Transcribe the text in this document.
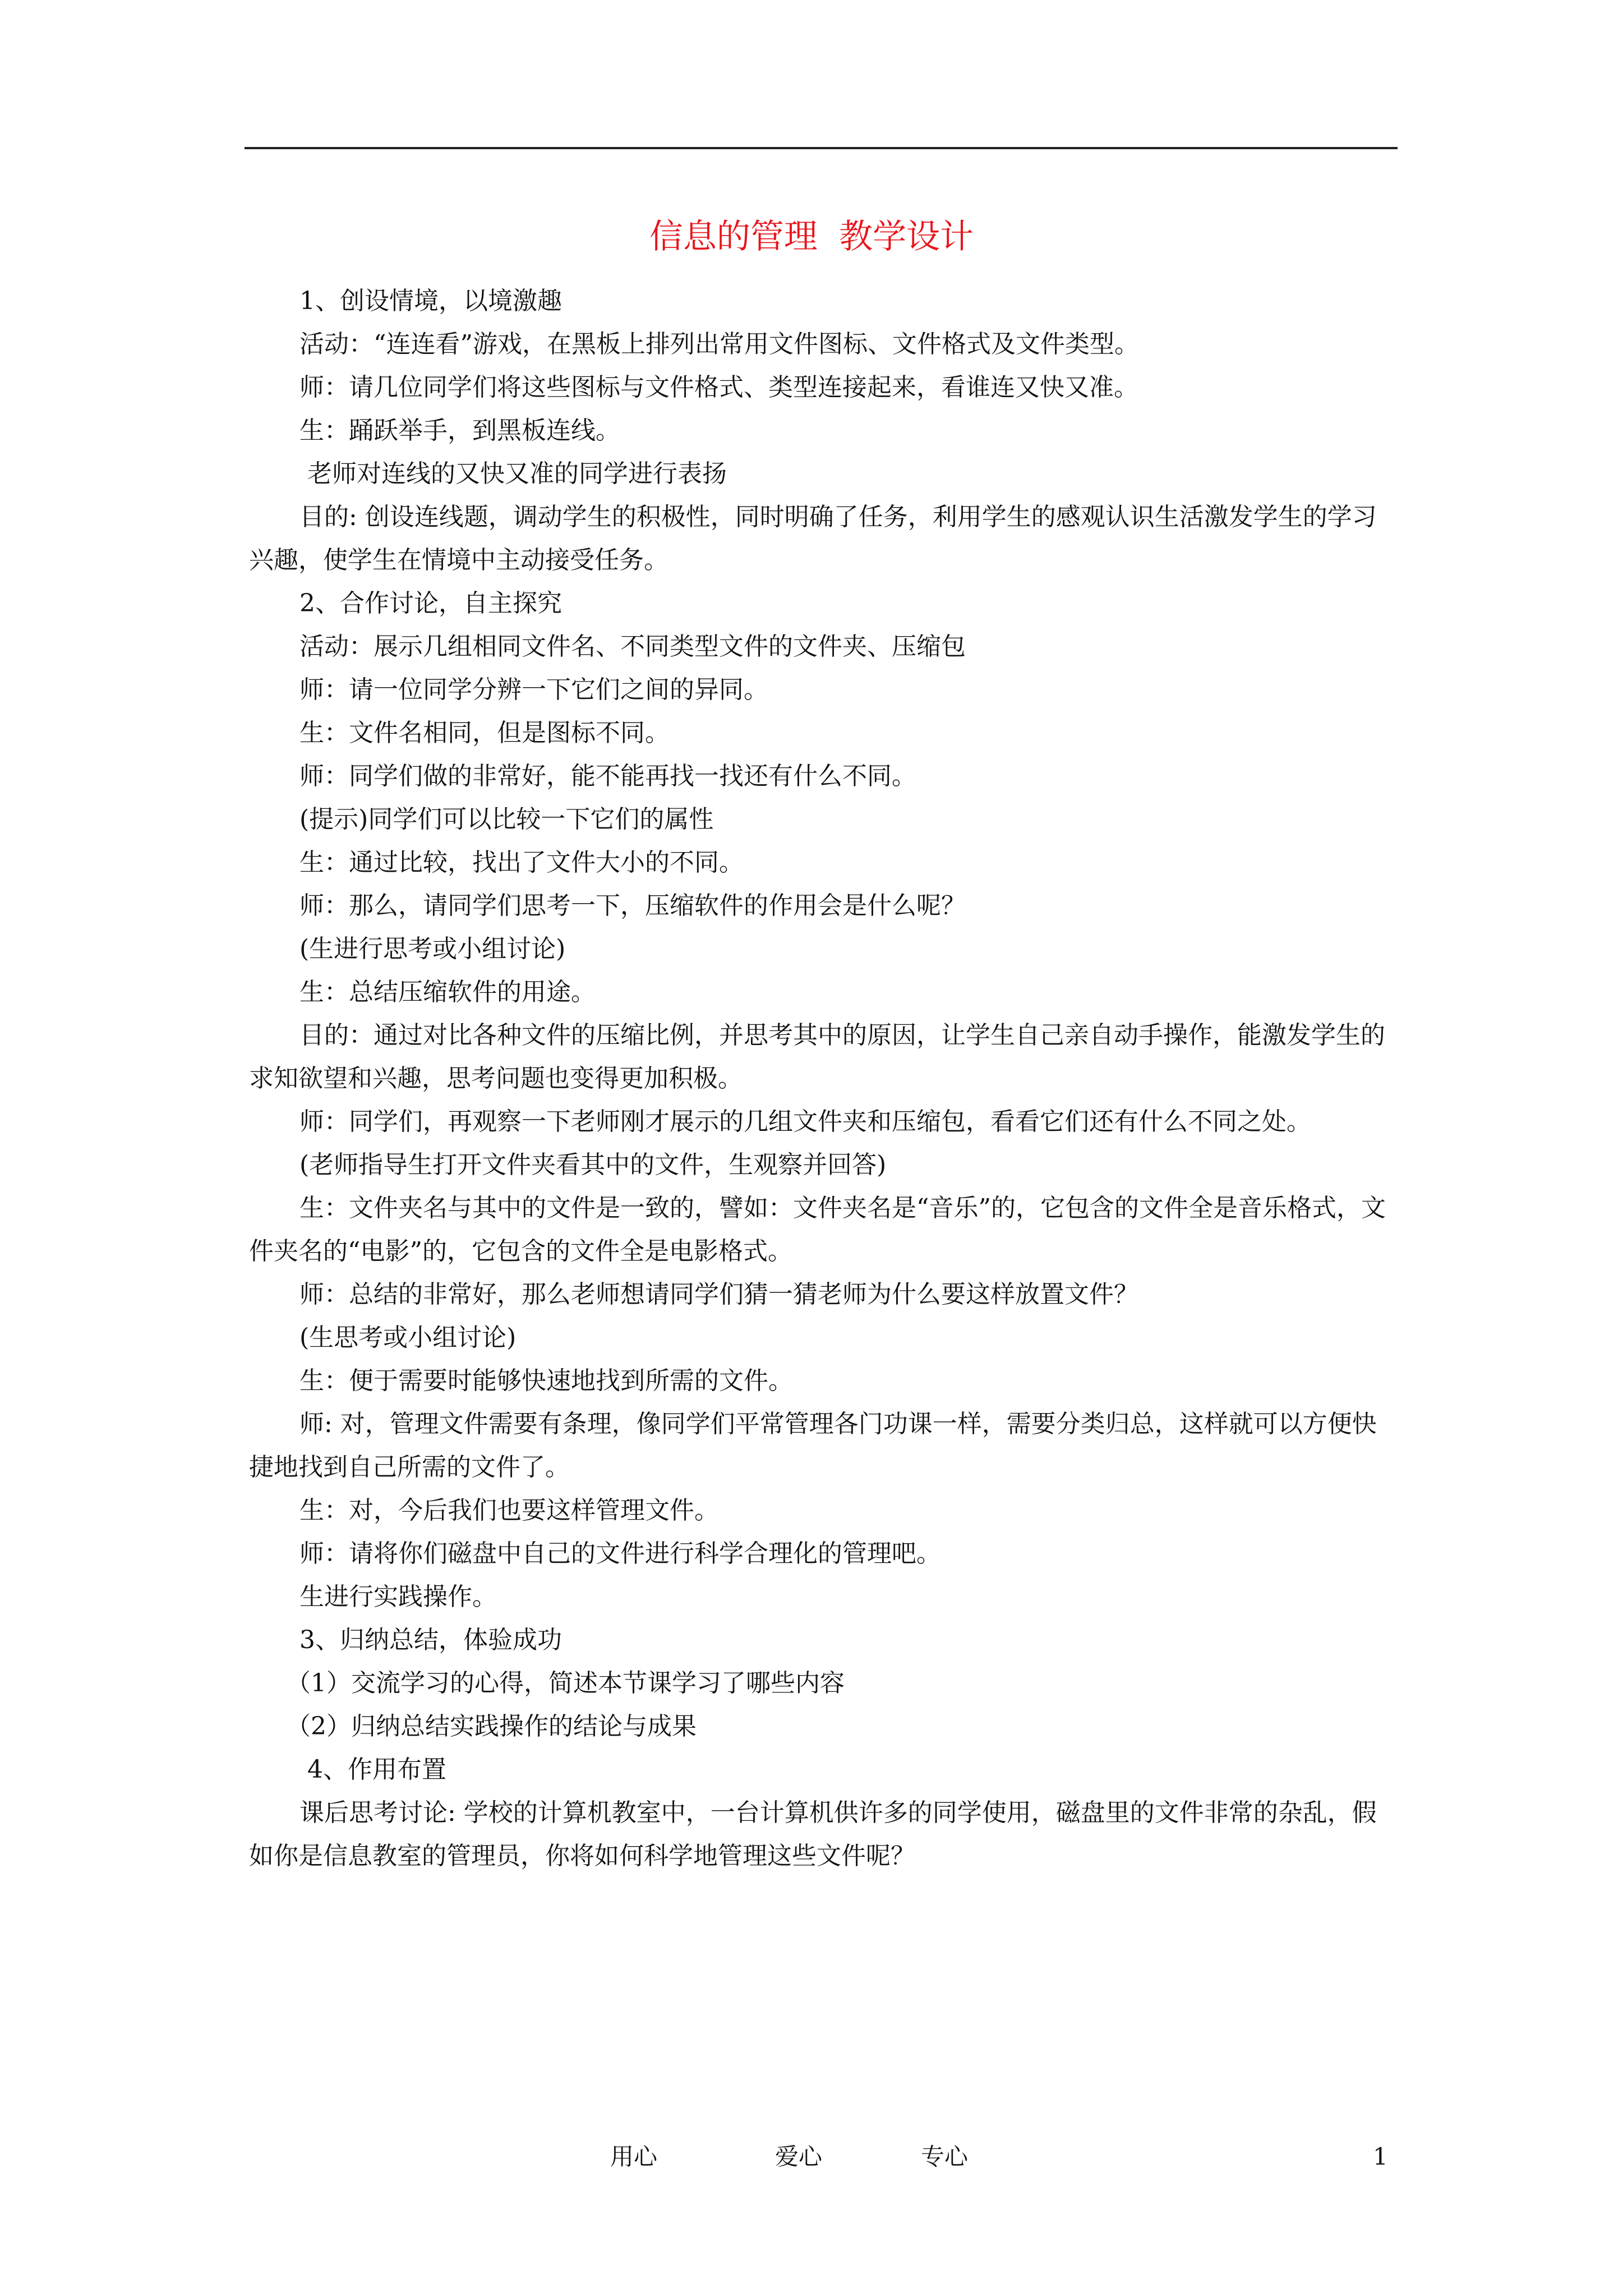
信息的管理  教学设计

1、创设情境，以境激趣

活动：“连连看”游戏，在黑板上排列出常用文件图标、文件格式及文件类型。

师：请几位同学们将这些图标与文件格式、类型连接起来，看谁连又快又准。

生：踊跃举手，到黑板连线。

老师对连线的又快又准的同学进行表扬

目的: 创设连线题，调动学生的积极性，同时明确了任务，利用学生的感观认识生活激发学生的学习兴趣，使学生在情境中主动接受任务。

2、合作讨论，自主探究

活动：展示几组相同文件名、不同类型文件的文件夹、压缩包

师：请一位同学分辨一下它们之间的异同。

生：文件名相同，但是图标不同。

师：同学们做的非常好，能不能再找一找还有什么不同。

(提示)同学们可以比较一下它们的属性

生：通过比较，找出了文件大小的不同。

师：那么，请同学们思考一下，压缩软件的作用会是什么呢？

(生进行思考或小组讨论)

生：总结压缩软件的用途。

目的：通过对比各种文件的压缩比例，并思考其中的原因，让学生自己亲自动手操作，能激发学生的求知欲望和兴趣，思考问题也变得更加积极。

师：同学们，再观察一下老师刚才展示的几组文件夹和压缩包，看看它们还有什么不同之处。

(老师指导生打开文件夹看其中的文件，生观察并回答)

生：文件夹名与其中的文件是一致的，譬如：文件夹名是“音乐”的，它包含的文件全是音乐格式，文件夹名的“电影”的，它包含的文件全是电影格式。

师：总结的非常好，那么老师想请同学们猜一猜老师为什么要这样放置文件？

(生思考或小组讨论)

生：便于需要时能够快速地找到所需的文件。

师: 对，管理文件需要有条理，像同学们平常管理各门功课一样，需要分类归总，这样就可以方便快捷地找到自己所需的文件了。

生：对，今后我们也要这样管理文件。

师：请将你们磁盘中自己的文件进行科学合理化的管理吧。

生进行实践操作。

3、归纳总结，体验成功

（1）交流学习的心得，简述本节课学习了哪些内容

（2）归纳总结实践操作的结论与成果

4、作用布置

课后思考讨论: 学校的计算机教室中，一台计算机供许多的同学使用，磁盘里的文件非常的杂乱，假如你是信息教室的管理员，你将如何科学地管理这些文件呢？

用心	爱心	专心	1
